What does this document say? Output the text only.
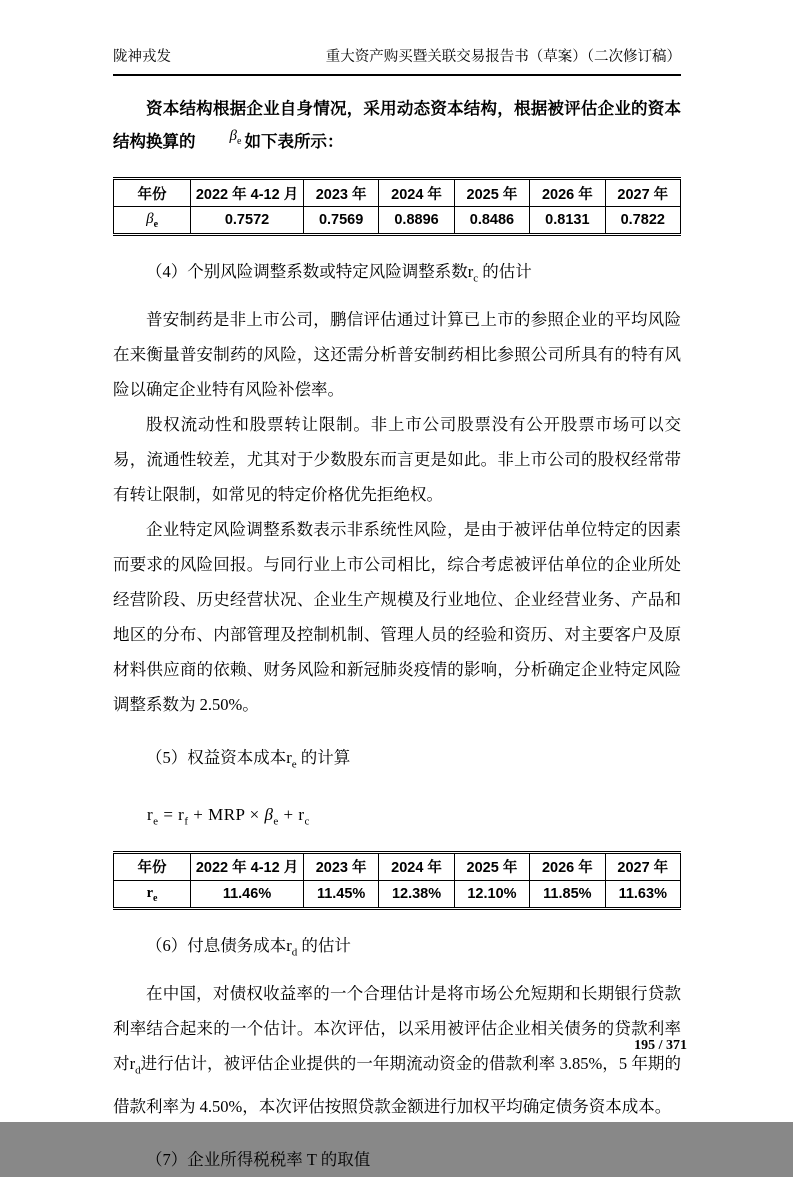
陇神戎发	重大资产购买暨关联交易报告书（草案）（二次修订稿）

资本结构根据企业自身情况，采用动态资本结构，根据被评估企业的资本结构换算的 $\beta_e$ 如下表所示：

年份	2022 年 4-12 月	2023 年	2024 年	2025 年	2026 年	2027 年
$\beta_e$	0.7572	0.7569	0.8896	0.8486	0.8131	0.7822

（4）个别风险调整系数或特定风险调整系数$r_c$ 的估计

普安制药是非上市公司，鹏信评估通过计算已上市的参照企业的平均风险在来衡量普安制药的风险，这还需分析普安制药相比参照公司所具有的特有风险以确定企业特有风险补偿率。

股权流动性和股票转让限制。非上市公司股票没有公开股票市场可以交易，流通性较差，尤其对于少数股东而言更是如此。非上市公司的股权经常带有转让限制，如常见的特定价格优先拒绝权。

企业特定风险调整系数表示非系统性风险，是由于被评估单位特定的因素而要求的风险回报。与同行业上市公司相比，综合考虑被评估单位的企业所处经营阶段、历史经营状况、企业生产规模及行业地位、企业经营业务、产品和地区的分布、内部管理及控制机制、管理人员的经验和资历、对主要客户及原材料供应商的依赖、财务风险和新冠肺炎疫情的影响，分析确定企业特定风险调整系数为 2.50%。

（5）权益资本成本$r_e$ 的计算

$r_e = r_f$ + MRP × $\beta_e + r_c$

年份	2022 年 4-12 月	2023 年	2024 年	2025 年	2026 年	2027 年
$r_e$	11.46%	11.45%	12.38%	12.10%	11.85%	11.63%

（6）付息债务成本$r_d$ 的估计

在中国，对债权收益率的一个合理估计是将市场公允短期和长期银行贷款利率结合起来的一个估计。本次评估，以采用被评估企业相关债务的贷款利率对$r_d$进行估计，被评估企业提供的一年期流动资金的借款利率 3.85%，5 年期的借款利率为 4.50%，本次评估按照贷款金额进行加权平均确定债务资本成本。

（7）企业所得税税率 T 的取值

195 / 371
